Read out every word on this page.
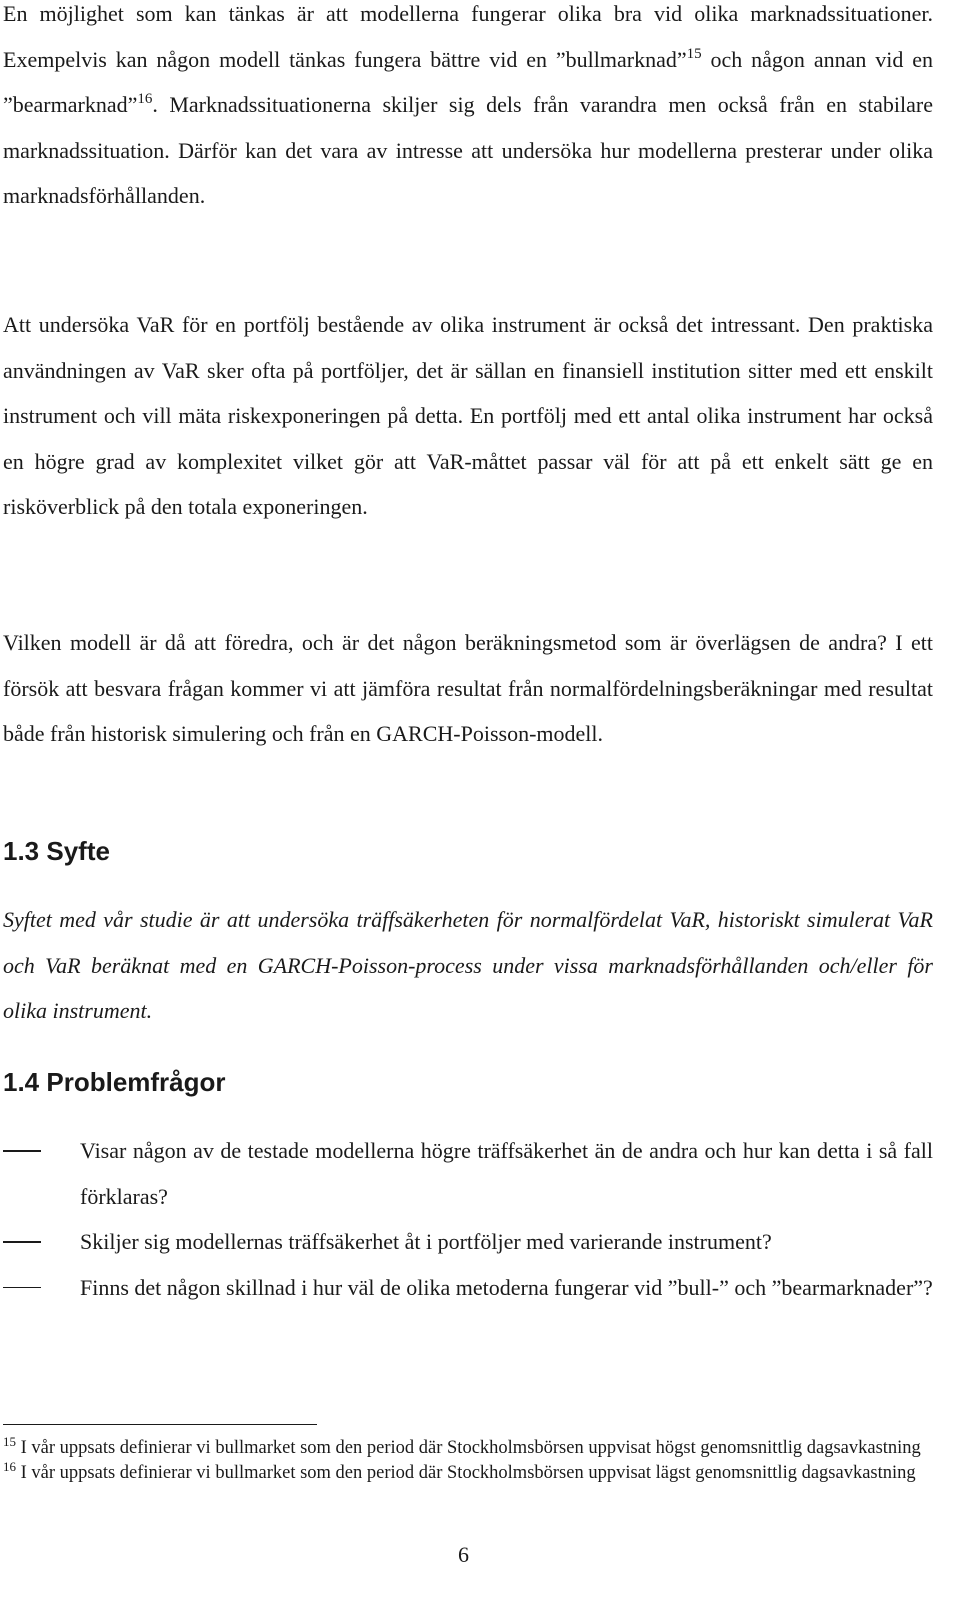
En möjlighet som kan tänkas är att modellerna fungerar olika bra vid olika marknadssituationer. Exempelvis kan någon modell tänkas fungera bättre vid en ”bullmarknad”$^{15}$ och någon annan vid en ”bearmarknad”$^{16}$. Marknadssituationerna skiljer sig dels från varandra men också från en stabilare marknadssituation. Därför kan det vara av intresse att undersöka hur modellerna presterar under olika marknadsförhållanden.

Att undersöka VaR för en portfölj bestående av olika instrument är också det intressant. Den praktiska användningen av VaR sker ofta på portföljer, det är sällan en finansiell institution sitter med ett enskilt instrument och vill mäta riskexponeringen på detta. En portfölj med ett antal olika instrument har också en högre grad av komplexitet vilket gör att VaR-måttet passar väl för att på ett enkelt sätt ge en risköverblick på den totala exponeringen.

Vilken modell är då att föredra, och är det någon beräkningsmetod som är överlägsen de andra? I ett försök att besvara frågan kommer vi att jämföra resultat från normalfördelningsberäkningar med resultat både från historisk simulering och från en GARCH-Poisson-modell.

1.3 Syfte

Syftet med vår studie är att undersöka träffsäkerheten för normalfördelat VaR, historiskt simulerat VaR och VaR beräknat med en GARCH-Poisson-process under vissa marknadsförhållanden och/eller för olika instrument.

1.4 Problemfrågor
Visar någon av de testade modellerna högre träffsäkerhet än de andra och hur kan detta i så fall förklaras?
Skiljer sig modellernas träffsäkerhet åt i portföljer med varierande instrument?
Finns det någon skillnad i hur väl de olika metoderna fungerar vid ”bull-” och ”bearmarknader”?

$^{15}$ I vår uppsats definierar vi bullmarket som den period där Stockholmsbörsen uppvisat högst genomsnittlig dagsavkastning

$^{16}$ I vår uppsats definierar vi bullmarket som den period där Stockholmsbörsen uppvisat lägst genomsnittlig dagsavkastning

6
